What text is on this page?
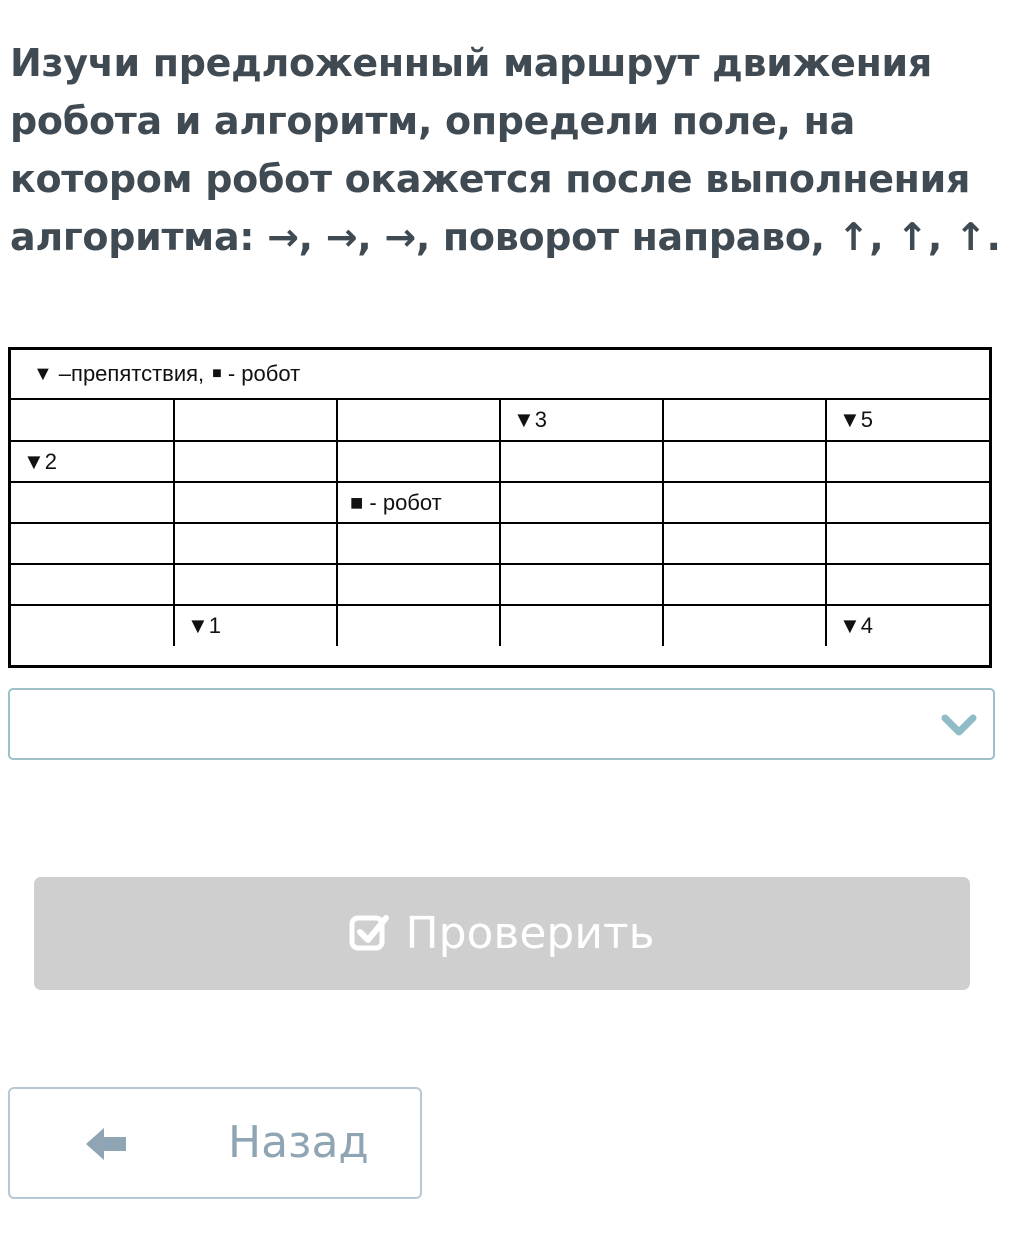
Изучи предложенный маршрут движения робота и алгоритм, определи поле, на котором робот окажется после выполнения алгоритма: →, →, →, поворот направо, ↑, ↑, ↑.

▼ –препятствия, ■ - робот
			▼3		▼5
▼2					
		■ - робот			

	▼1				▼4
Проверить
Назад
